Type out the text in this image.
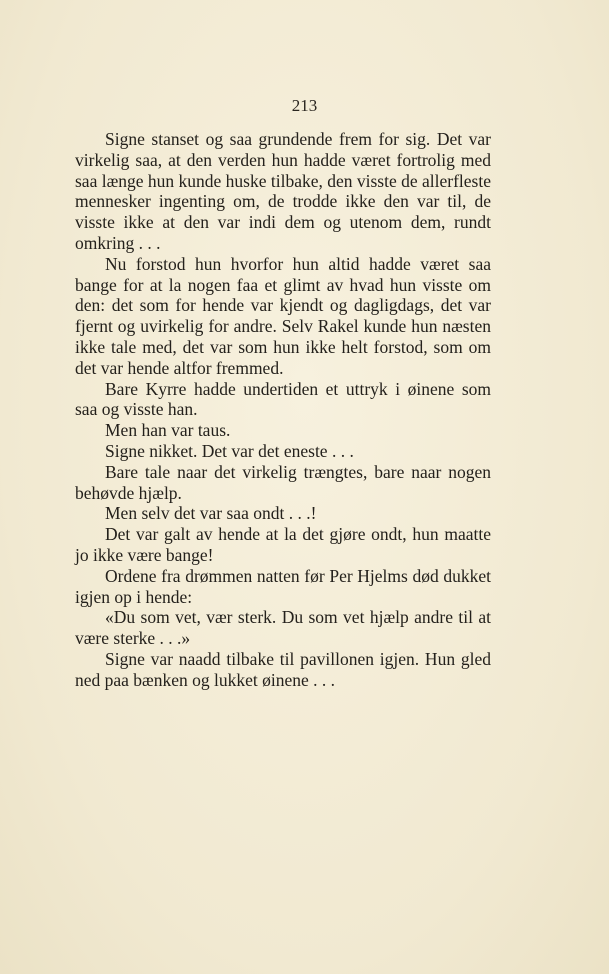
213

Signe stanset og saa grundende frem for sig. Det var virkelig saa, at den verden hun hadde været fortrolig med saa længe hun kunde huske tilbake, den visste de allerfleste mennesker ingenting om, de trodde ikke den var til, de visste ikke at den var indi dem og utenom dem, rundt omkring . . .

Nu forstod hun hvorfor hun altid hadde været saa bange for at la nogen faa et glimt av hvad hun visste om den: det som for hende var kjendt og dagligdags, det var fjernt og uvirkelig for andre. Selv Rakel kunde hun næsten ikke tale med, det var som hun ikke helt forstod, som om det var hende altfor fremmed.

Bare Kyrre hadde undertiden et uttryk i øinene som saa og visste han.

Men han var taus.

Signe nikket. Det var det eneste . . .

Bare tale naar det virkelig trængtes, bare naar nogen behøvde hjælp.

Men selv det var saa ondt . . .!

Det var galt av hende at la det gjøre ondt, hun maatte jo ikke være bange!

Ordene fra drømmen natten før Per Hjelms død dukket igjen op i hende:

«Du som vet, vær sterk. Du som vet hjælp andre til at være sterke . . .»

Signe var naadd tilbake til pavillonen igjen. Hun gled ned paa bænken og lukket øinene . . .
